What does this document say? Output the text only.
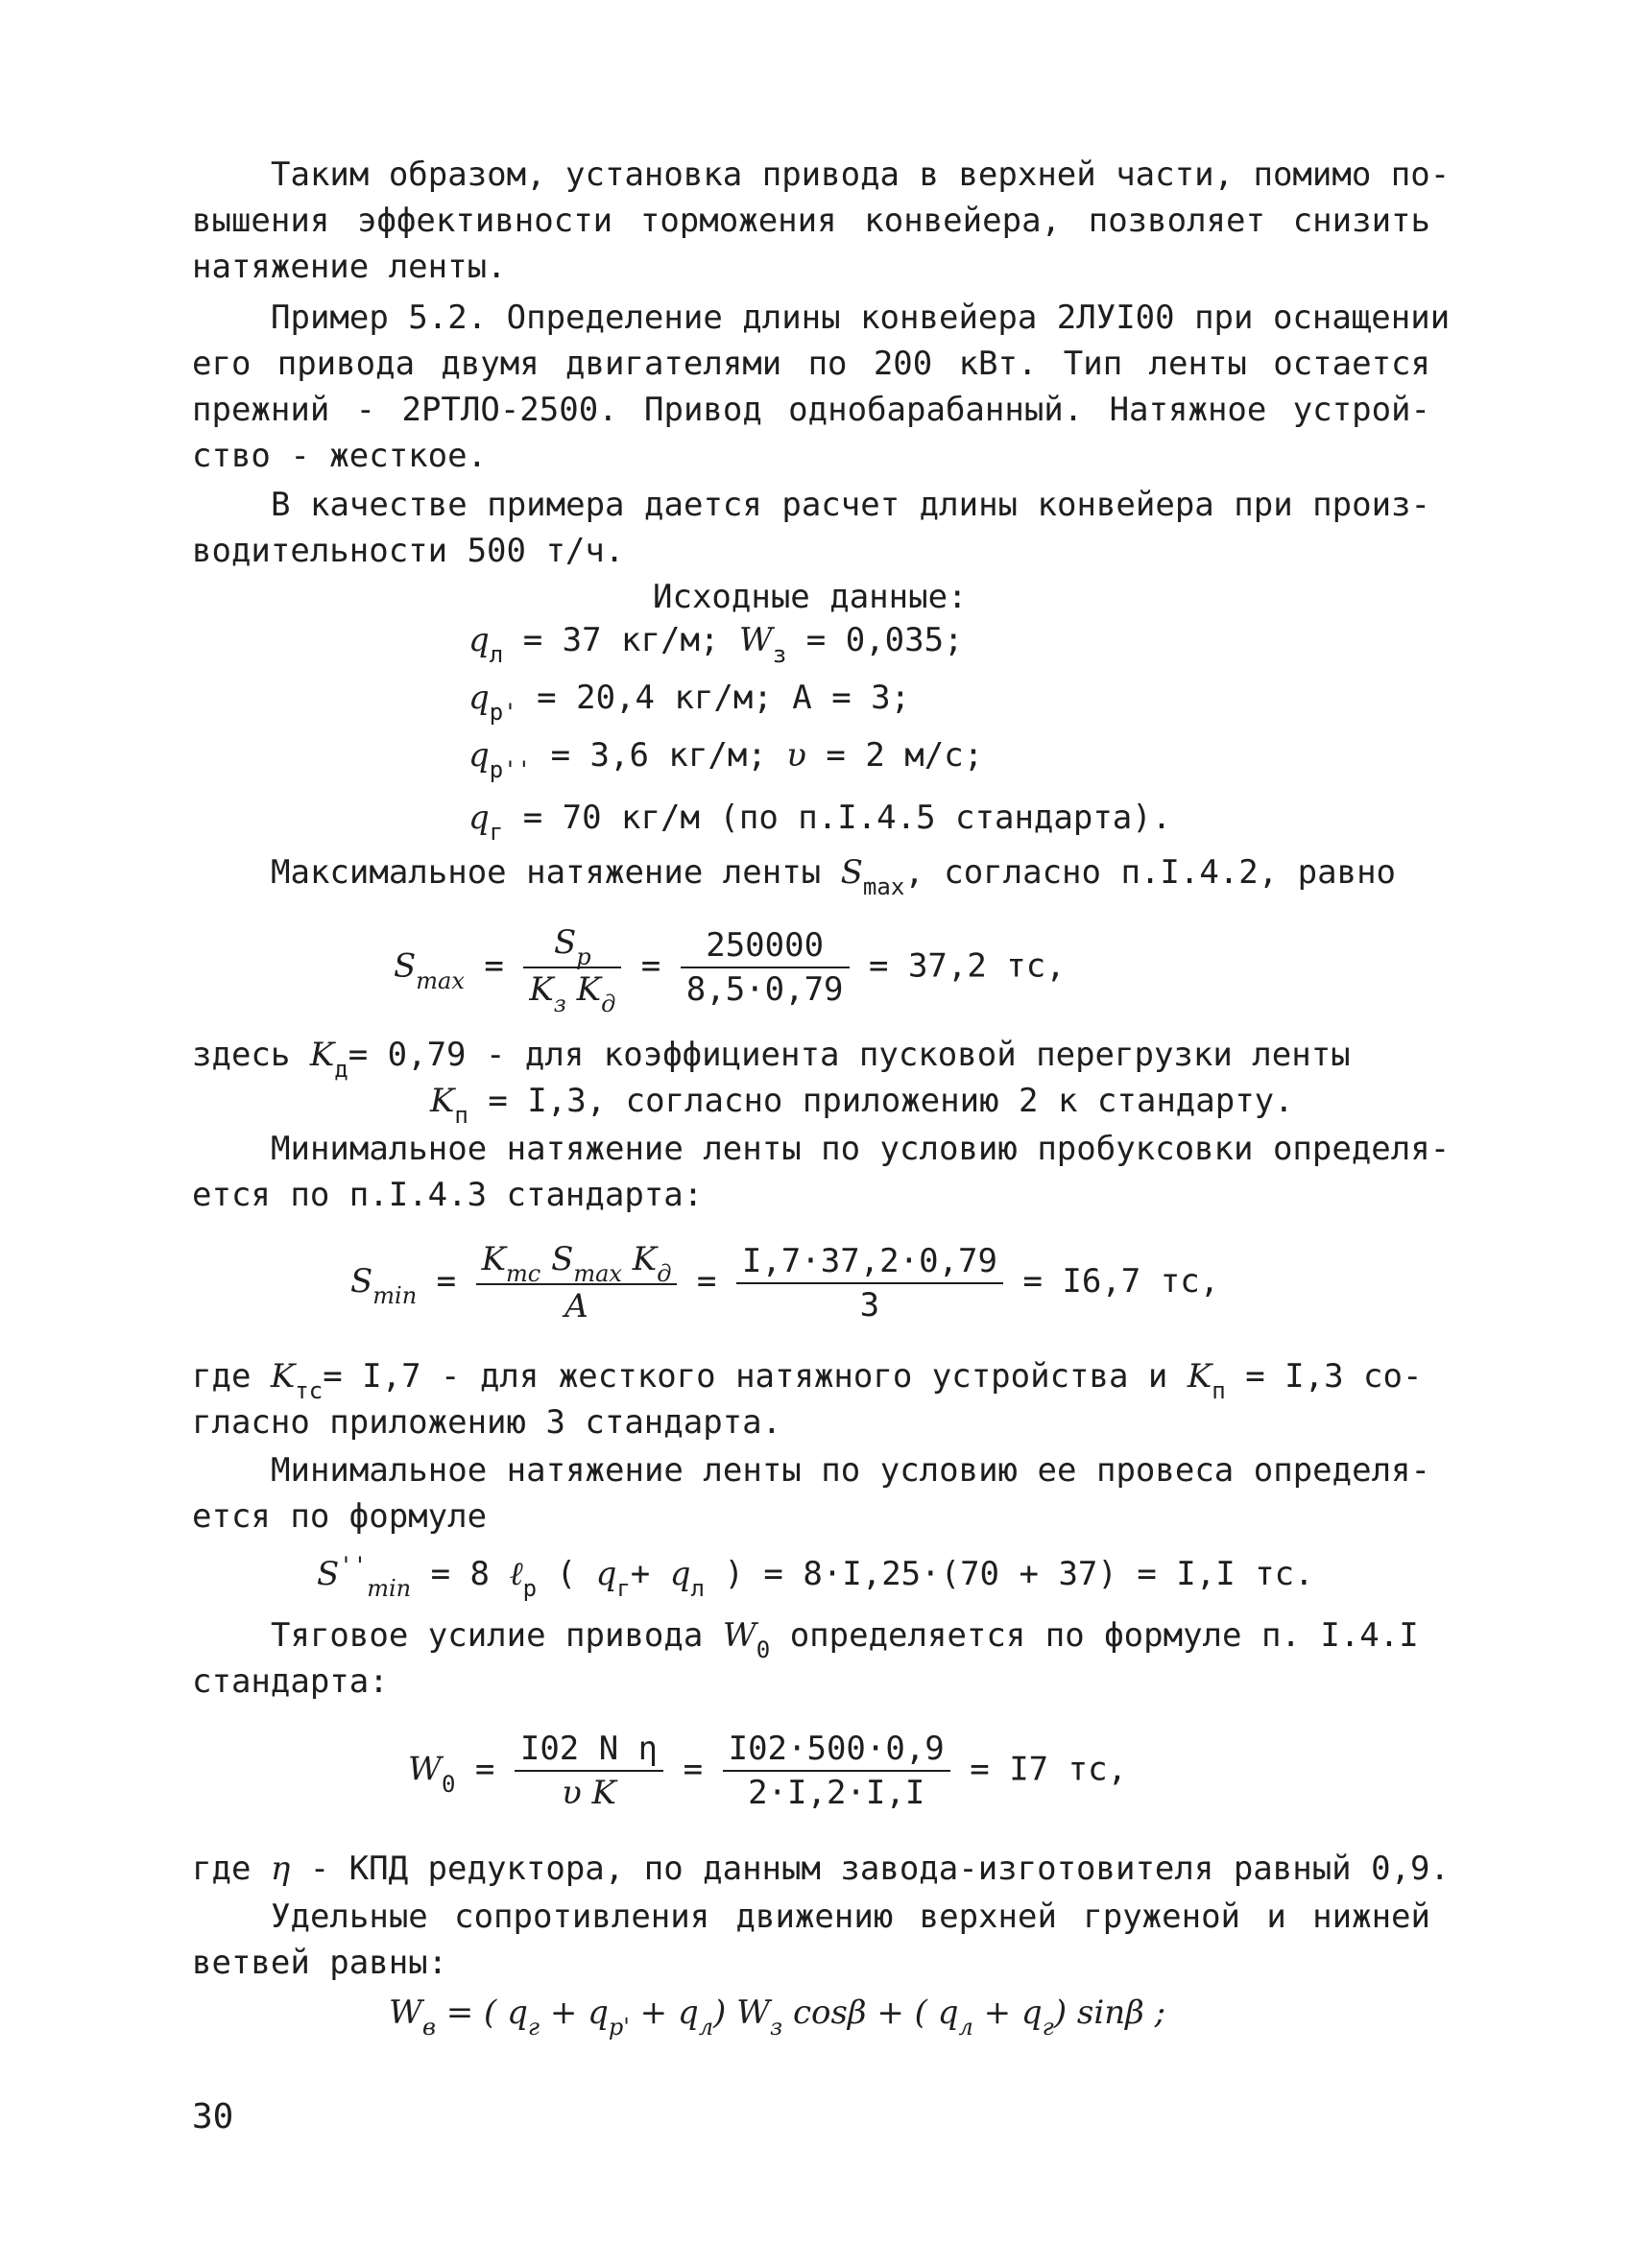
Таким образом, установка привода в верхней части, помимо по-
вышения эффективности торможения конвейера, позволяет снизить
натяжение ленты.
Пример 5.2. Определение длины конвейера 2ЛУI00 при оснащении
его привода двумя двигателями по 200 кВт. Тип ленты остается
прежний - 2РТЛО-2500. Привод однобарабанный. Натяжное устрой-
ство - жесткое.
В качестве примера дается расчет длины конвейера при произ-
водительности 500 т/ч.
Исходные данные:
$q_л = 37$ кг/м; $W_з = 0,035$;
$q_{р'} = 20,4$ кг/м; А = 3;
$q_{р''} = 3,6$ кг/м; υ = 2 м/с;
$q_г = 70$ кг/м (по п.I.4.5 стандарта).
Максимальное натяжение ленты $S_{max}$, согласно п.I.4.2, равно
$S_{max} = \frac{S_р}{K_з K_д} = \frac{250000}{8,5\cdot 0,79} = 37,2$ тс,
здесь $K_д= 0,79$ - для коэффициента пусковой перегрузки ленты
$K_п = I,3$, согласно приложению 2 к стандарту.
Минимальное натяжение ленты по условию пробуксовки определя-
ется по п.I.4.3 стандарта:
$S_{min} = \frac{K_{тс} S_{max} K_д}{A} = \frac{I,7\cdot 37,2\cdot 0,79}{3} = I6,7$ тс,
где $K_{тс}= I,7$ - для жесткого натяжного устройства и $K_п = I,3$ со-
гласно приложению 3 стандарта.
Минимальное натяжение ленты по условию ее провеса определя-
ется по формуле
$S''_{min} = 8$ ℓ$_р$ ( $q_г+ q_л$ ) = 8·I,25·(70 + 37) = I,I тс.
Тяговое усилие привода $W_0$ определяется по формуле п. I.4.I
стандарта:
$W_0 = \frac{\text{I02 N η}}{\text{υ K}} = \frac{I02\cdot 500\cdot 0,9}{2\cdot I,2\cdot I,I} = I7$ тс,
где η - КПД редуктора, по данным завода-изготовителя равный 0,9.
Удельные сопротивления движению верхней груженой и нижней
ветвей равны:
$W_в$ = ( $q_г + q_{р'} + q_л$) $W_з$ cosβ + ( $q_л + q_г$) sinβ ;
30
